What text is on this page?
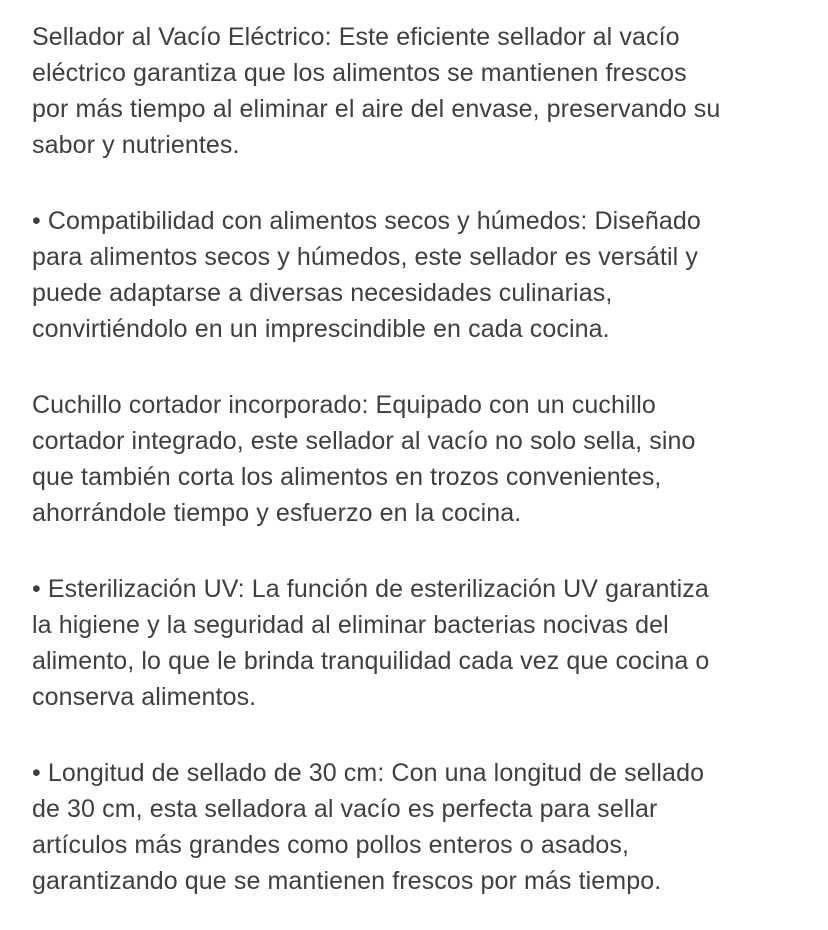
Sellador al Vacío Eléctrico: Este eficiente sellador al vacío
eléctrico garantiza que los alimentos se mantienen frescos
por más tiempo al eliminar el aire del envase, preservando su
sabor y nutrientes.

• Compatibilidad con alimentos secos y húmedos: Diseñado
para alimentos secos y húmedos, este sellador es versátil y
puede adaptarse a diversas necesidades culinarias,
convirtiéndolo en un imprescindible en cada cocina.

Cuchillo cortador incorporado: Equipado con un cuchillo
cortador integrado, este sellador al vacío no solo sella, sino
que también corta los alimentos en trozos convenientes,
ahorrándole tiempo y esfuerzo en la cocina.

• Esterilización UV: La función de esterilización UV garantiza
la higiene y la seguridad al eliminar bacterias nocivas del
alimento, lo que le brinda tranquilidad cada vez que cocina o
conserva alimentos.

• Longitud de sellado de 30 cm: Con una longitud de sellado
de 30 cm, esta selladora al vacío es perfecta para sellar
artículos más grandes como pollos enteros o asados,
garantizando que se mantienen frescos por más tiempo.
